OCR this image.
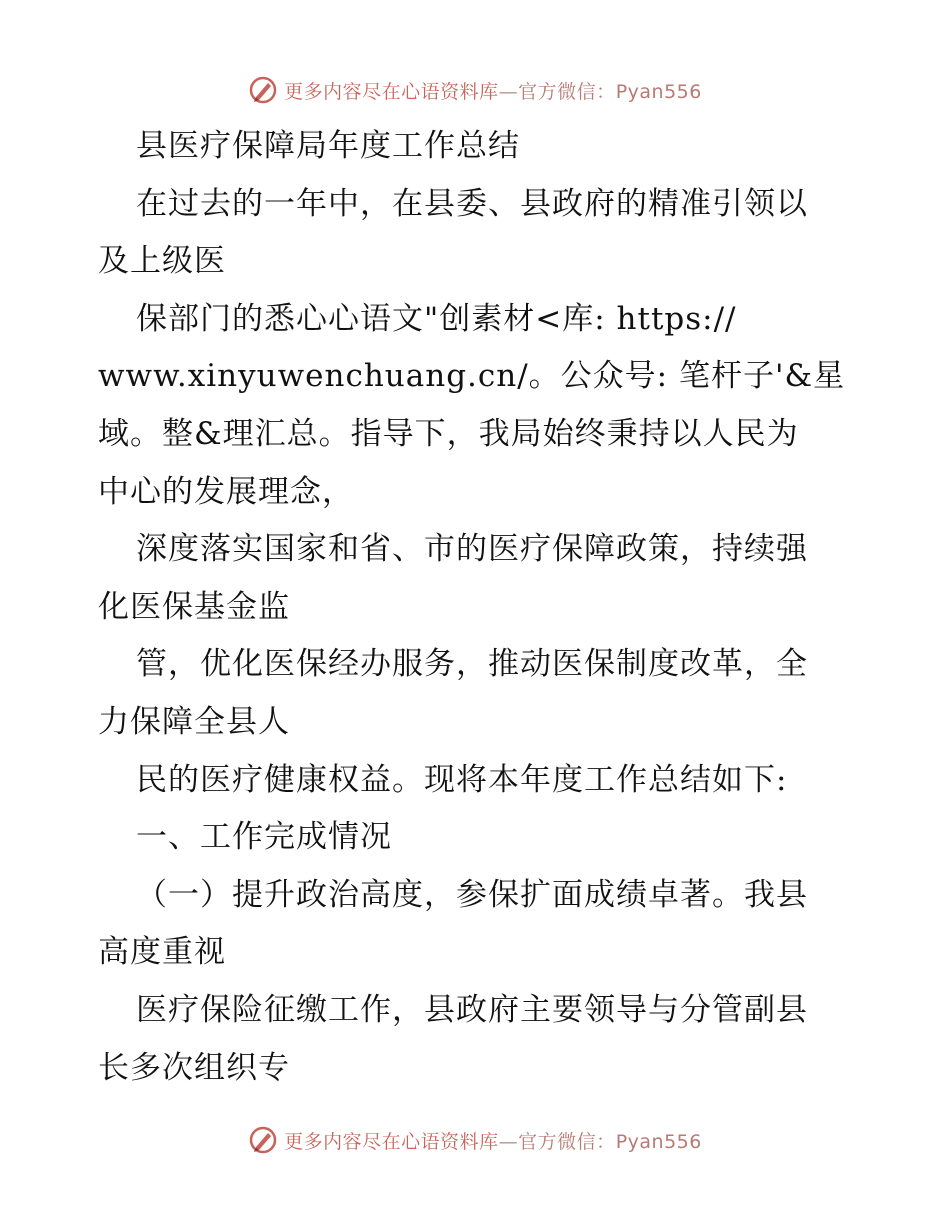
更多内容尽在心语资料库—官方微信：Pyan556
县医疗保障局年度工作总结
在过去的一年中，在县委、县政府的精准引领以
及上级医
保部门的悉心心语文"创素材<库: https://
www.xinyuwenchuang.cn/。公众号: 笔杆子'&星
域。整&理汇总。指导下，我局始终秉持以人民为
中心的发展理念，
深度落实国家和省、市的医疗保障政策，持续强
化医保基金监
管，优化医保经办服务，推动医保制度改革，全
力保障全县人
民的医疗健康权益。现将本年度工作总结如下:
一、工作完成情况
（一）提升政治高度，参保扩面成绩卓著。我县
高度重视
医疗保险征缴工作，县政府主要领导与分管副县
长多次组织专
更多内容尽在心语资料库—官方微信：Pyan556
